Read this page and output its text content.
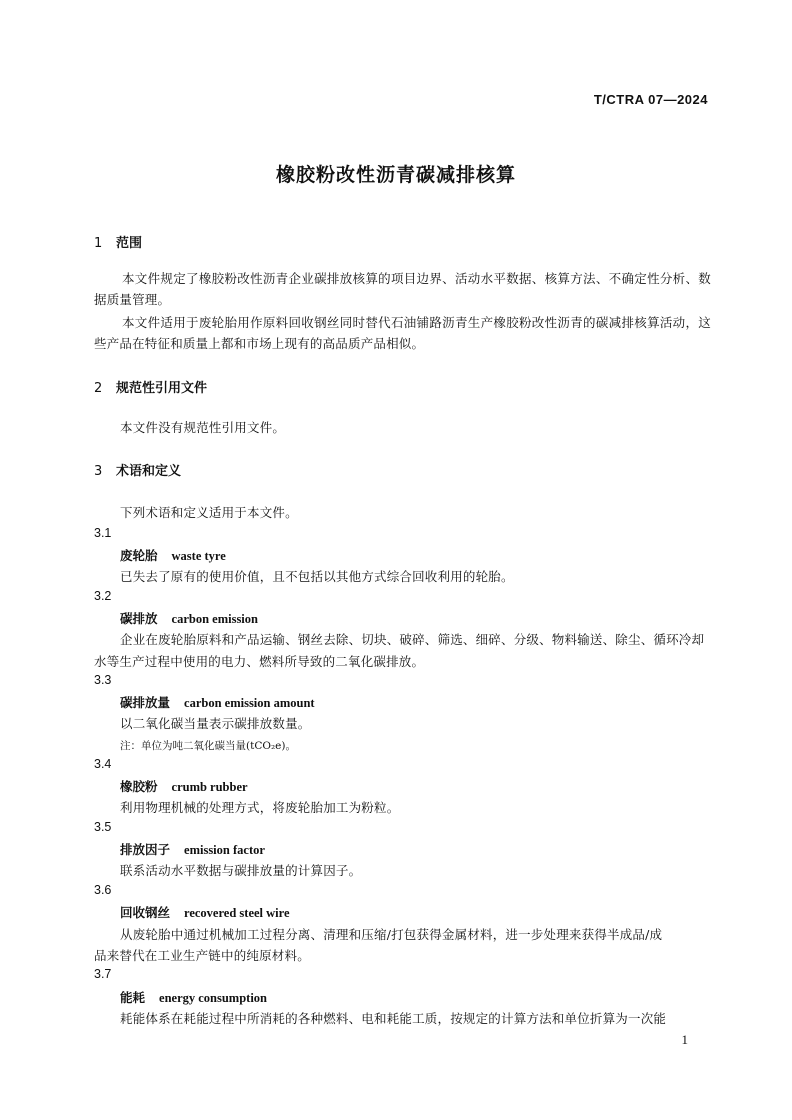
T/CTRA 07—2024
橡胶粉改性沥青碳减排核算
1 范围
本文件规定了橡胶粉改性沥青企业碳排放核算的项目边界、活动水平数据、核算方法、不确定性分析、数据质量管理。
本文件适用于废轮胎用作原料回收钢丝同时替代石油铺路沥青生产橡胶粉改性沥青的碳减排核算活动，这些产品在特征和质量上都和市场上现有的高品质产品相似。
2 规范性引用文件
本文件没有规范性引用文件。
3 术语和定义
下列术语和定义适用于本文件。
3.1
废轮胎 waste tyre
已失去了原有的使用价值，且不包括以其他方式综合回收利用的轮胎。
3.2
碳排放 carbon emission
企业在废轮胎原料和产品运输、钢丝去除、切块、破碎、筛选、细碎、分级、物料输送、除尘、循环冷却
水等生产过程中使用的电力、燃料所导致的二氧化碳排放。
3.3
碳排放量 carbon emission amount
以二氧化碳当量表示碳排放数量。
注：单位为吨二氧化碳当量(tCO₂e)。
3.4
橡胶粉 crumb rubber
利用物理机械的处理方式，将废轮胎加工为粉粒。
3.5
排放因子 emission factor
联系活动水平数据与碳排放量的计算因子。
3.6
回收钢丝 recovered steel wire
从废轮胎中通过机械加工过程分离、清理和压缩/打包获得金属材料，进一步处理来获得半成品/成
品来替代在工业生产链中的纯原材料。
3.7
能耗 energy consumption
耗能体系在耗能过程中所消耗的各种燃料、电和耗能工质，按规定的计算方法和单位折算为一次能
1
